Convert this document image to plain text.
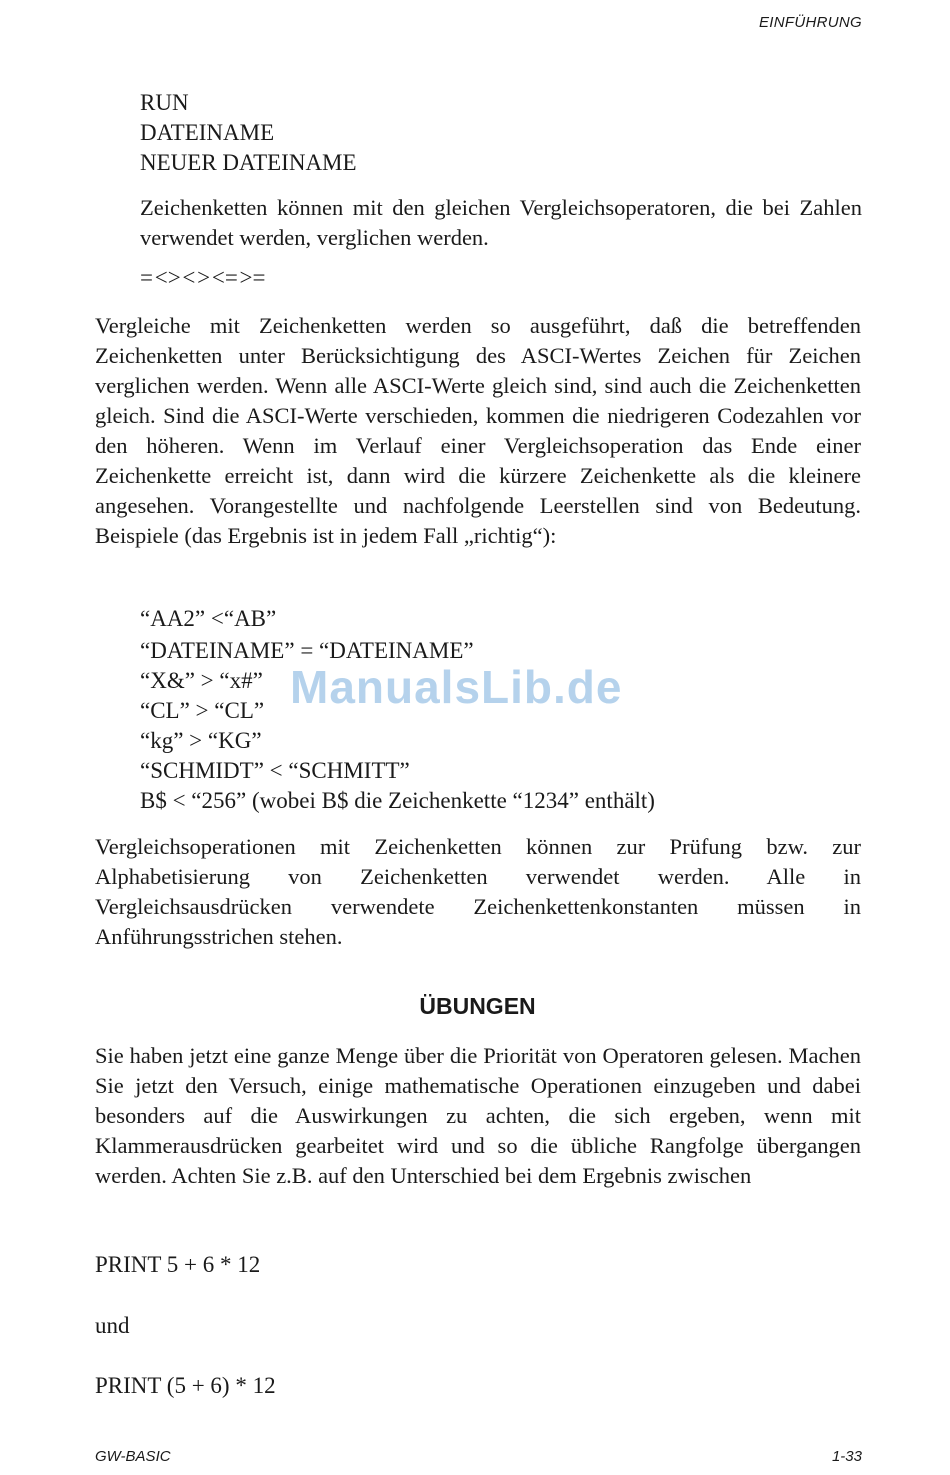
EINFÜHRUNG
RUN
DATEINAME
NEUER DATEINAME

Zeichenketten können mit den gleichen Vergleichsoperatoren, die bei Zahlen verwendet werden, verglichen werden.

= <> < > <= >=

Vergleiche mit Zeichenketten werden so ausgeführt, daß die betreffenden Zeichenketten unter Berücksichtigung des ASCI-Wertes Zeichen für Zeichen verglichen werden. Wenn alle ASCI-Werte gleich sind, sind auch die Zeichenketten gleich. Sind die ASCI-Werte verschieden, kommen die niedrigeren Codezahlen vor den höheren. Wenn im Verlauf einer Vergleichsoperation das Ende einer Zeichenkette erreicht ist, dann wird die kürzere Zeichenkette als die kleinere angesehen. Vorangestellte und nachfolgende Leerstellen sind von Bedeutung. Beispiele (das Ergebnis ist in jedem Fall „richtig“):

“AA2” <“AB”
“DATEINAME” = “DATEINAME”
“X&” > “x#”
“CL” > “CL”
“kg” > “KG”
“SCHMIDT” < “SCHMITT”
B$ < “256” (wobei B$ die Zeichenkette “1234” enthält)
ManualsLib.de

Vergleichsoperationen mit Zeichenketten können zur Prüfung bzw. zur Alphabetisierung von Zeichenketten verwendet werden. Alle in Vergleichsausdrücken verwendete Zeichenkettenkonstanten müssen in Anführungsstrichen stehen.

ÜBUNGEN

Sie haben jetzt eine ganze Menge über die Priorität von Operatoren gelesen. Machen Sie jetzt den Versuch, einige mathematische Operationen einzugeben und dabei besonders auf die Auswirkungen zu achten, die sich ergeben, wenn mit Klammerausdrücken gearbeitet wird und so die übliche Rangfolge übergangen werden. Achten Sie z.B. auf den Unterschied bei dem Ergebnis zwischen

PRINT 5 + 6 * 12
und
PRINT (5 + 6) * 12
GW-BASIC	1-33
